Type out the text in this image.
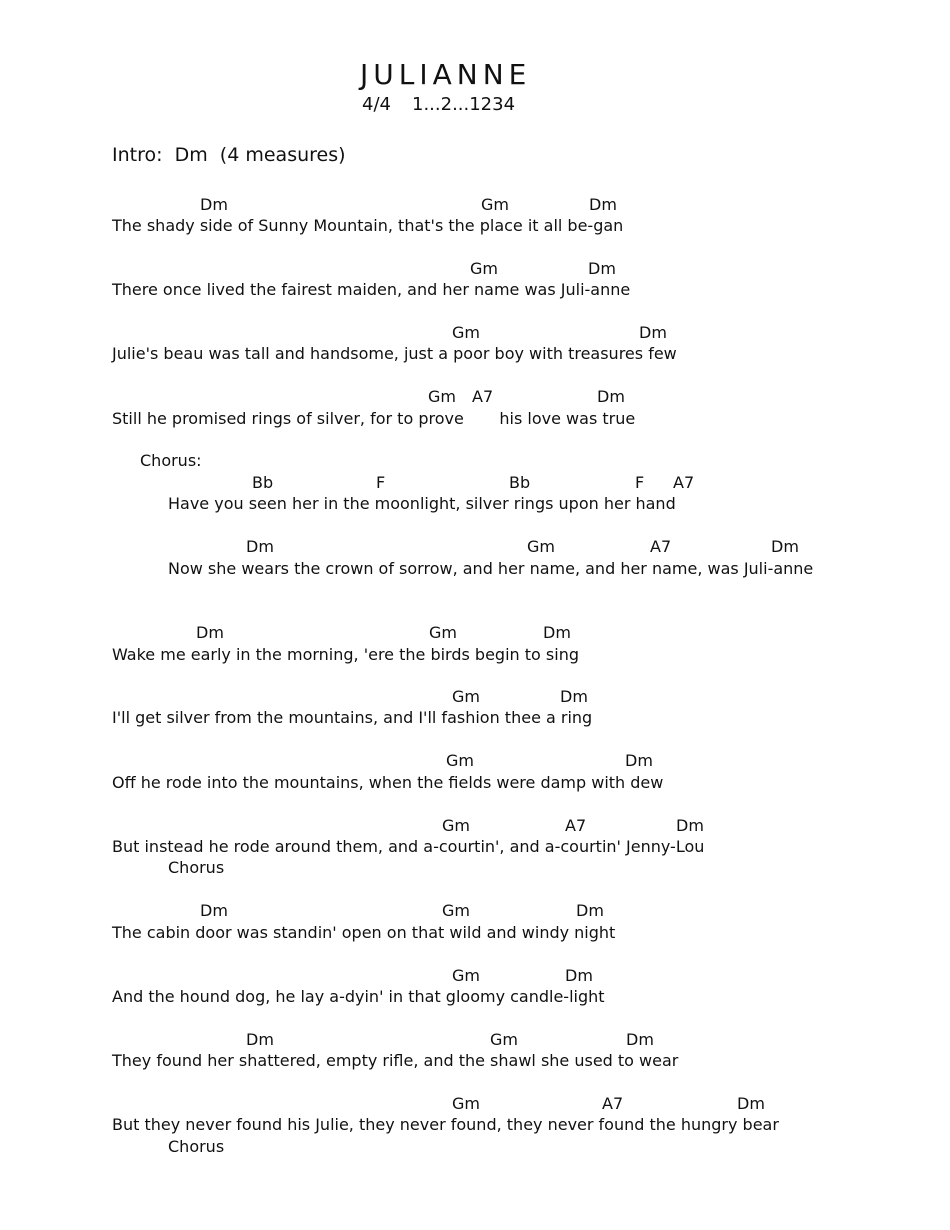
JULIANNE
4/4 1...2...1234
Intro:  Dm  (4 measures)
Dm	Gm	Dm
The shady side of Sunny Mountain, that's the place it all be-gan
Gm	Dm
There once lived the fairest maiden, and her name was Juli-anne
Gm	Dm
Julie's beau was tall and handsome, just a poor boy with treasures few
Gm A7	Dm
Still he promised rings of silver, for to prove       his love was true
Chorus:
Bb	F	Bb	F A7
Have you seen her in the moonlight, silver rings upon her hand
Dm	Gm	A7	Dm
Now she wears the crown of sorrow, and her name, and her name, was Juli-anne
Dm	Gm	Dm
Wake me early in the morning, 'ere the birds begin to sing
Gm	Dm
I'll get silver from the mountains, and I'll fashion thee a ring
Gm	Dm
Off he rode into the mountains, when the fields were damp with dew
Gm	A7	Dm
But instead he rode around them, and a-courtin', and a-courtin' Jenny-Lou
Chorus
Dm	Gm	Dm
The cabin door was standin' open on that wild and windy night
Gm	Dm
And the hound dog, he lay a-dyin' in that gloomy candle-light
Dm	Gm	Dm
They found her shattered, empty rifle, and the shawl she used to wear
Gm	A7	Dm
But they never found his Julie, they never found, they never found the hungry bear
Chorus
